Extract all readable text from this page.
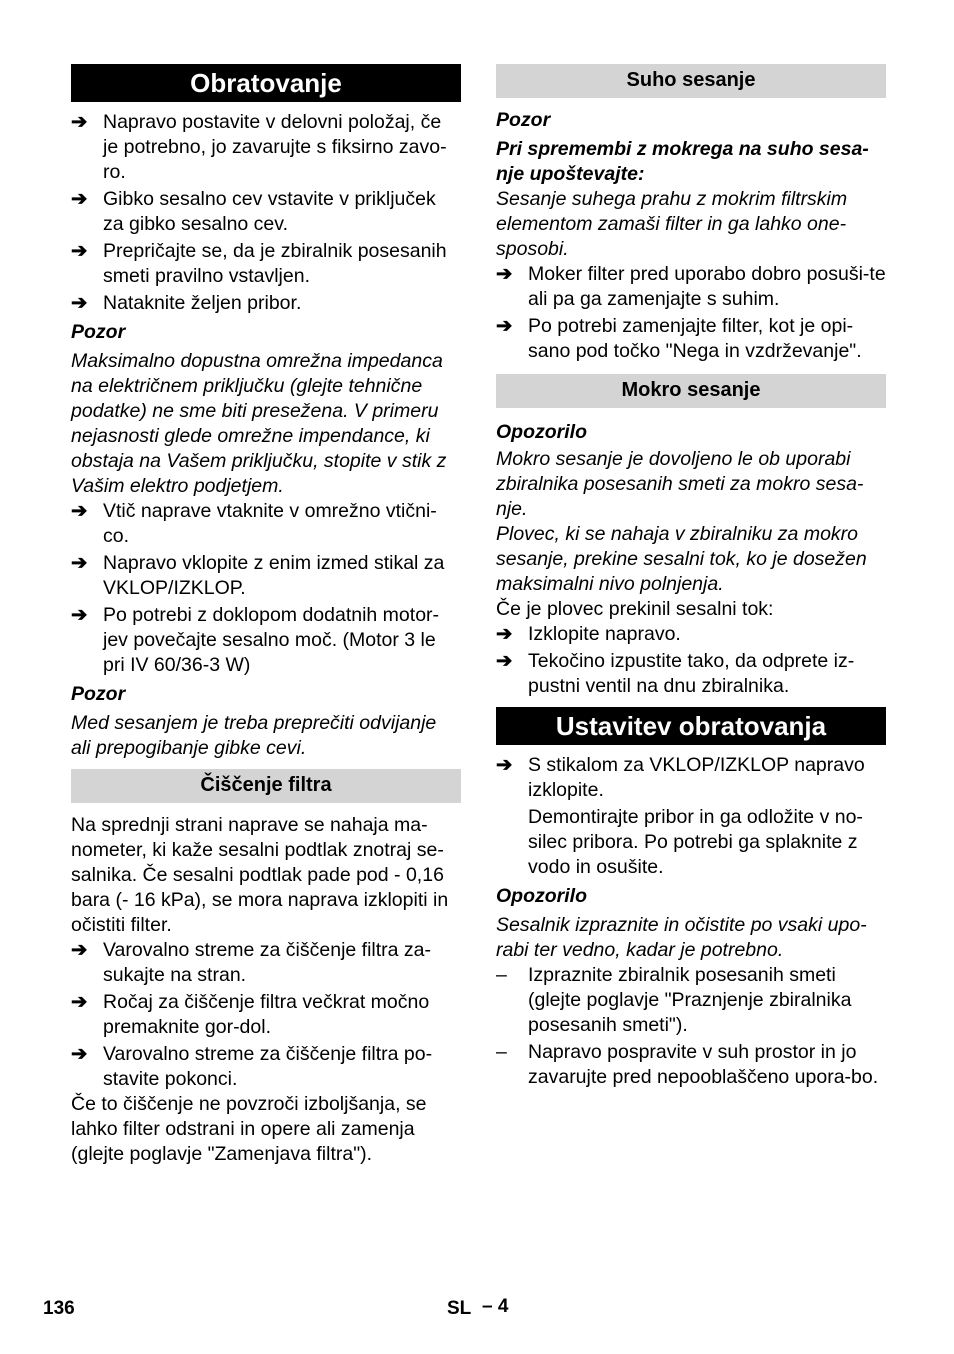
Obratovanje
➔ Napravo postavite v delovni položaj, če je potrebno, jo zavarujte s fiksirno zavo-ro.
➔ Gibko sesalno cev vstavite v priključek za gibko sesalno cev.
➔ Prepričajte se, da je zbiralnik posesanih smeti pravilno vstavljen.
➔ Nataknite željen pribor.
Pozor
Maksimalno dopustna omrežna impedanca na električnem priključku (glejte tehnične podatke) ne sme biti presežena. V primeru nejasnosti glede omrežne impendance, ki obstaja na Vašem priključku, stopite v stik z Vašim elektro podjetjem.
➔ Vtič naprave vtaknite v omrežno vtični-co.
➔ Napravo vklopite z enim izmed stikal za VKLOP/IZKLOP.
➔ Po potrebi z doklopom dodatnih motor-jev povečajte sesalno moč. (Motor 3 le pri IV 60/36-3 W)
Pozor
Med sesanjem je treba preprečiti odvijanje ali prepogibanje gibke cevi.
Čiščenje filtra
Na sprednji strani naprave se nahaja ma-nometer, ki kaže sesalni podtlak znotraj se-salnika. Če sesalni podtlak pade pod - 0,16 bara (- 16 kPa), se mora naprava izklopiti in očistiti filter.
➔ Varovalno streme za čiščenje filtra za-sukajte na stran.
➔ Ročaj za čiščenje filtra večkrat močno premaknite gor-dol.
➔ Varovalno streme za čiščenje filtra po-stavite pokonci.
Če to čiščenje ne povzroči izboljšanja, se lahko filter odstrani in opere ali zamenja (glejte poglavje "Zamenjava filtra").
Suho sesanje
Pozor
Pri spremembi z mokrega na suho sesa-nje upoštevajte:
Sesanje suhega prahu z mokrim filtrskim elementom zamaši filter in ga lahko one-sposobi.
➔ Moker filter pred uporabo dobro posuši-te ali pa ga zamenjajte s suhim.
➔ Po potrebi zamenjajte filter, kot je opi-sano pod točko "Nega in vzdrževanje".
Mokro sesanje
Opozorilo
Mokro sesanje je dovoljeno le ob uporabi zbiralnika posesanih smeti za mokro sesa-nje.
Plovec, ki se nahaja v zbiralniku za mokro sesanje, prekine sesalni tok, ko je dosežen maksimalni nivo polnjenja.
Če je plovec prekinil sesalni tok:
➔ Izklopite napravo.
➔ Tekočino izpustite tako, da odprete iz-pustni ventil na dnu zbiralnika.
Ustavitev obratovanja
➔ S stikalom za VKLOP/IZKLOP napravo izklopite.
Demontirajte pribor in ga odložite v no-silec pribora. Po potrebi ga splaknite z vodo in osušite.
Opozorilo
Sesalnik izpraznite in očistite po vsaki upo-rabi ter vedno, kadar je potrebno.
–	Izpraznite zbiralnik posesanih smeti (glejte poglavje "Praznjenje zbiralnika posesanih smeti").
–	Napravo pospravite v suh prostor in jo zavarujte pred nepooblaščeno upora-bo.
136	SL – 4
